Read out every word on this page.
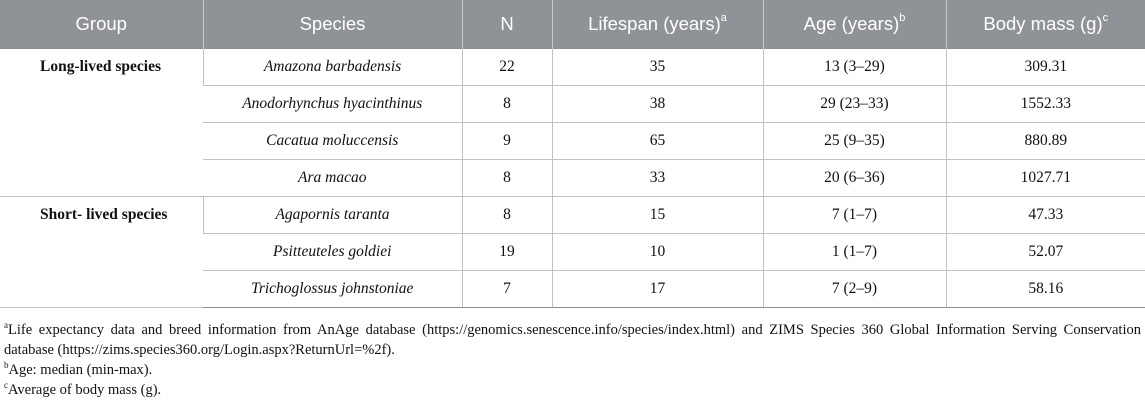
Group	Species	N	Lifespan (years)$^a$	Age (years)$^b$	Body mass $(g)^c$
Long-lived species	Amazona barbadensis	22	35	13 (3–29)	309.31
	Anodorhynchus hyacinthinus	8	38	29 (23–33)	1552.33
	Cacatua moluccensis	9	65	25 (9–35)	880.89
	Ara macao	8	33	20 (6–36)	1027.71
Short- lived species	Agapornis taranta	8	15	7 (1–7)	47.33
	Psitteuteles goldiei	19	10	1 (1–7)	52.07
	Trichoglossus johnstoniae	7	17	7 (2–9)	58.16

$^a$Life expectancy data and breed information from AnAge database (https://genomics.senescence.info/species/index.html) and ZIMS Species 360 Global Information Serving Conservation database (https://zims.species360.org/Login.aspx?ReturnUrl=%2f).

$^b$Age: median (min-max).

$^c$Average of body mass (g).
